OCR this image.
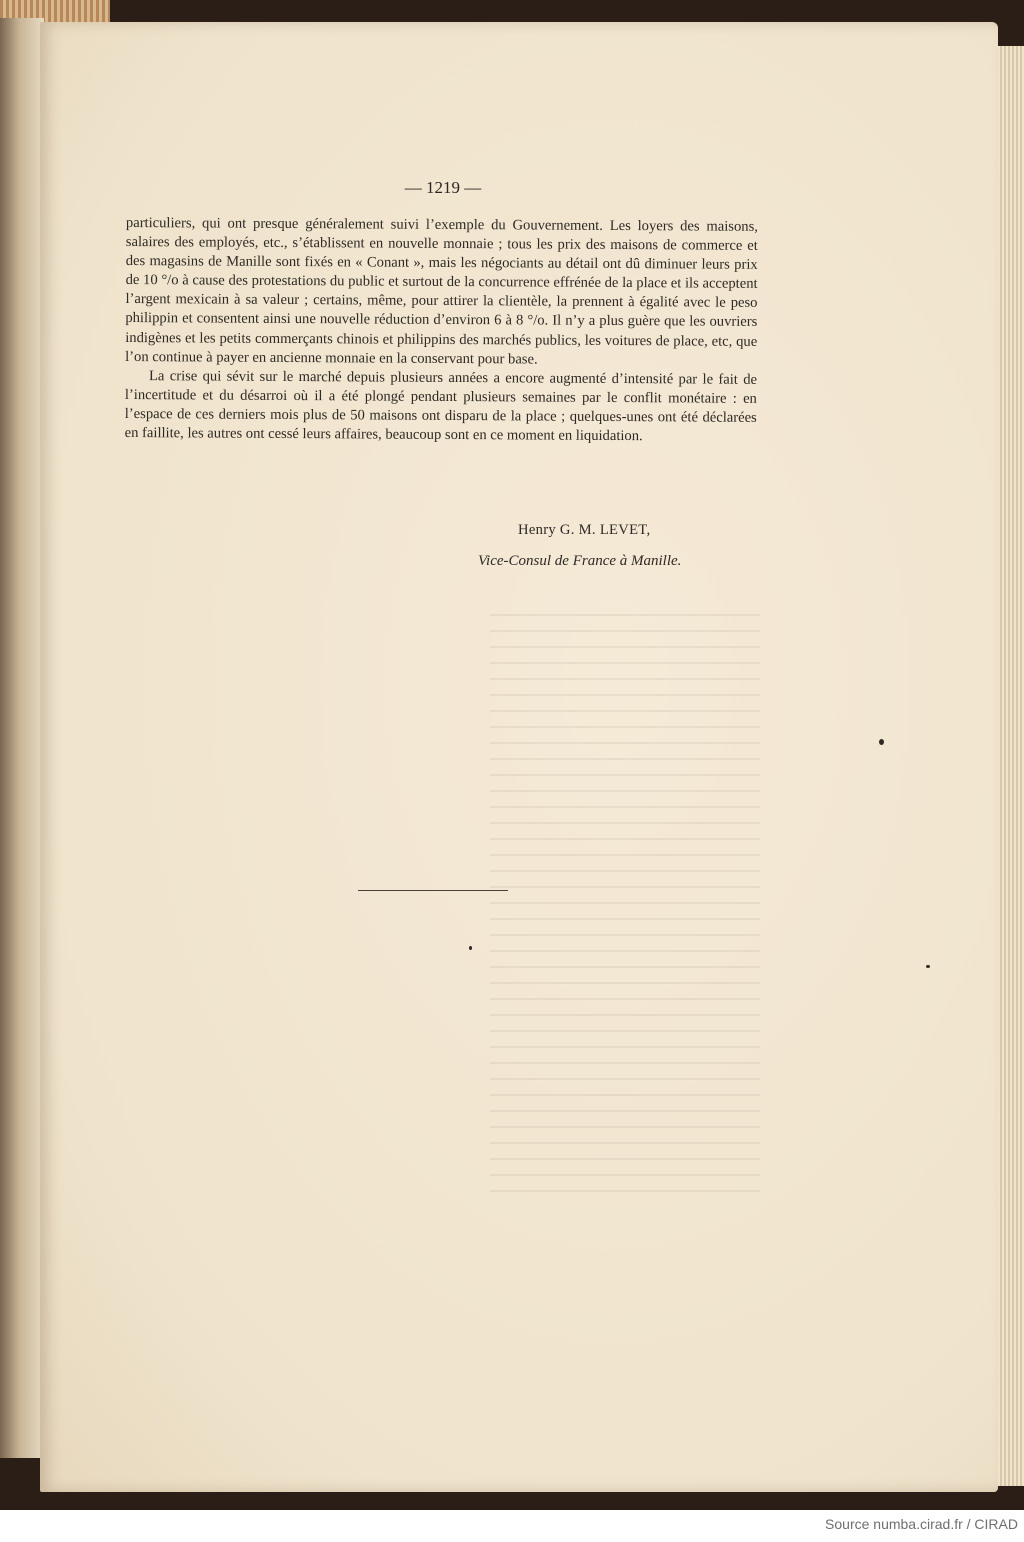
— 1219 —

particuliers, qui ont presque généralement suivi l’exemple du Gouvernement. Les loyers des maisons, salaires des employés, etc., s’établissent en nouvelle monnaie ; tous les prix des maisons de commerce et des magasins de Manille sont fixés en « Conant », mais les négociants au détail ont dû diminuer leurs prix de 10 °/o à cause des protestations du public et surtout de la concurrence effrénée de la place et ils acceptent l’argent mexicain à sa valeur ; certains, même, pour attirer la clientèle, la prennent à égalité avec le peso philippin et consentent ainsi une nouvelle réduction d’environ 6 à 8 °/o. Il n’y a plus guère que les ouvriers indigènes et les petits commerçants chinois et philippins des marchés publics, les voitures de place, etc, que l’on continue à payer en ancienne monnaie en la conservant pour base.

La crise qui sévit sur le marché depuis plusieurs années a encore augmenté d’intensité par le fait de l’incertitude et du désarroi où il a été plongé pendant plusieurs semaines par le conflit monétaire : en l’espace de ces derniers mois plus de 50 maisons ont disparu de la place ; quelques-unes ont été déclarées en faillite, les autres ont cessé leurs affaires, beaucoup sont en ce moment en liquidation.

Henry G. M. LEVET,
Vice-Consul de France à Manille.
Source numba.cirad.fr / CIRAD
